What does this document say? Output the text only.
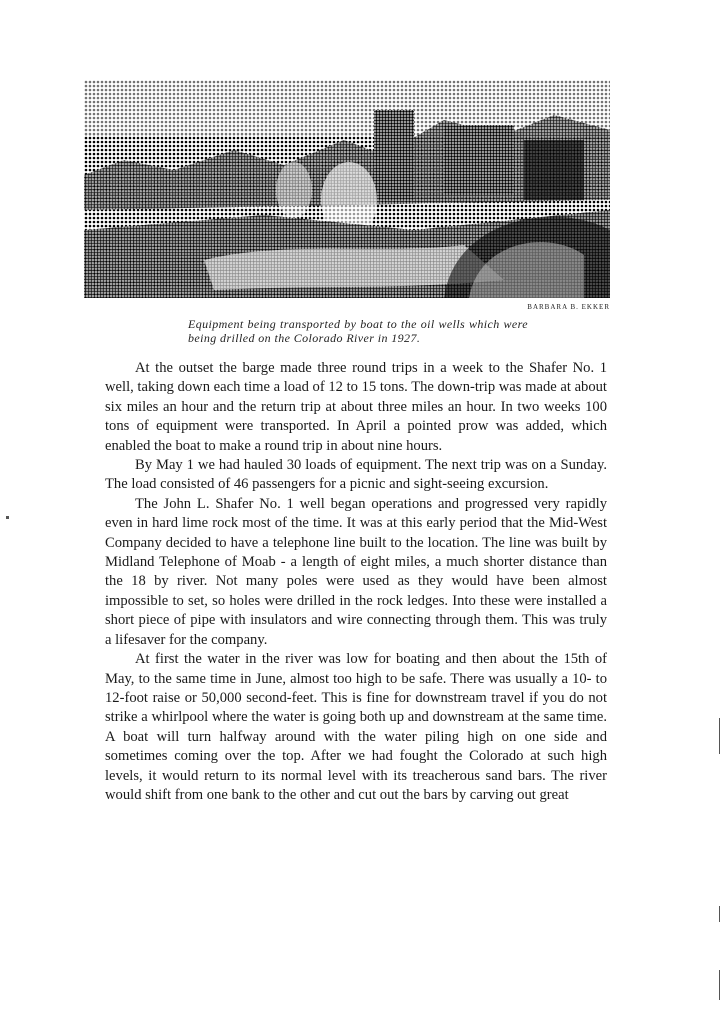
BARBARA B. EKKER
Equipment being transported by boat to the oil wells which were being drilled on the Colorado River in 1927.

At the outset the barge made three round trips in a week to the Shafer No. 1 well, taking down each time a load of 12 to 15 tons. The down-trip was made at about six miles an hour and the return trip at about three miles an hour. In two weeks 100 tons of equipment were transported. In April a pointed prow was added, which enabled the boat to make a round trip in about nine hours.

By May 1 we had hauled 30 loads of equipment. The next trip was on a Sunday. The load consisted of 46 passengers for a picnic and sight-seeing excursion.

The John L. Shafer No. 1 well began operations and progressed very rapidly even in hard lime rock most of the time. It was at this early period that the Mid-West Company decided to have a telephone line built to the location. The line was built by Midland Telephone of Moab - a length of eight miles, a much shorter distance than the 18 by river. Not many poles were used as they would have been almost impossible to set, so holes were drilled in the rock ledges. Into these were installed a short piece of pipe with insulators and wire connecting through them. This was truly a lifesaver for the company.

At first the water in the river was low for boating and then about the 15th of May, to the same time in June, almost too high to be safe. There was usually a 10- to 12-foot raise or 50,000 second-feet. This is fine for downstream travel if you do not strike a whirlpool where the water is going both up and downstream at the same time. A boat will turn halfway around with the water piling high on one side and sometimes coming over the top. After we had fought the Colorado at such high levels, it would return to its normal level with its treacherous sand bars. The river would shift from one bank to the other and cut out the bars by carving out great
